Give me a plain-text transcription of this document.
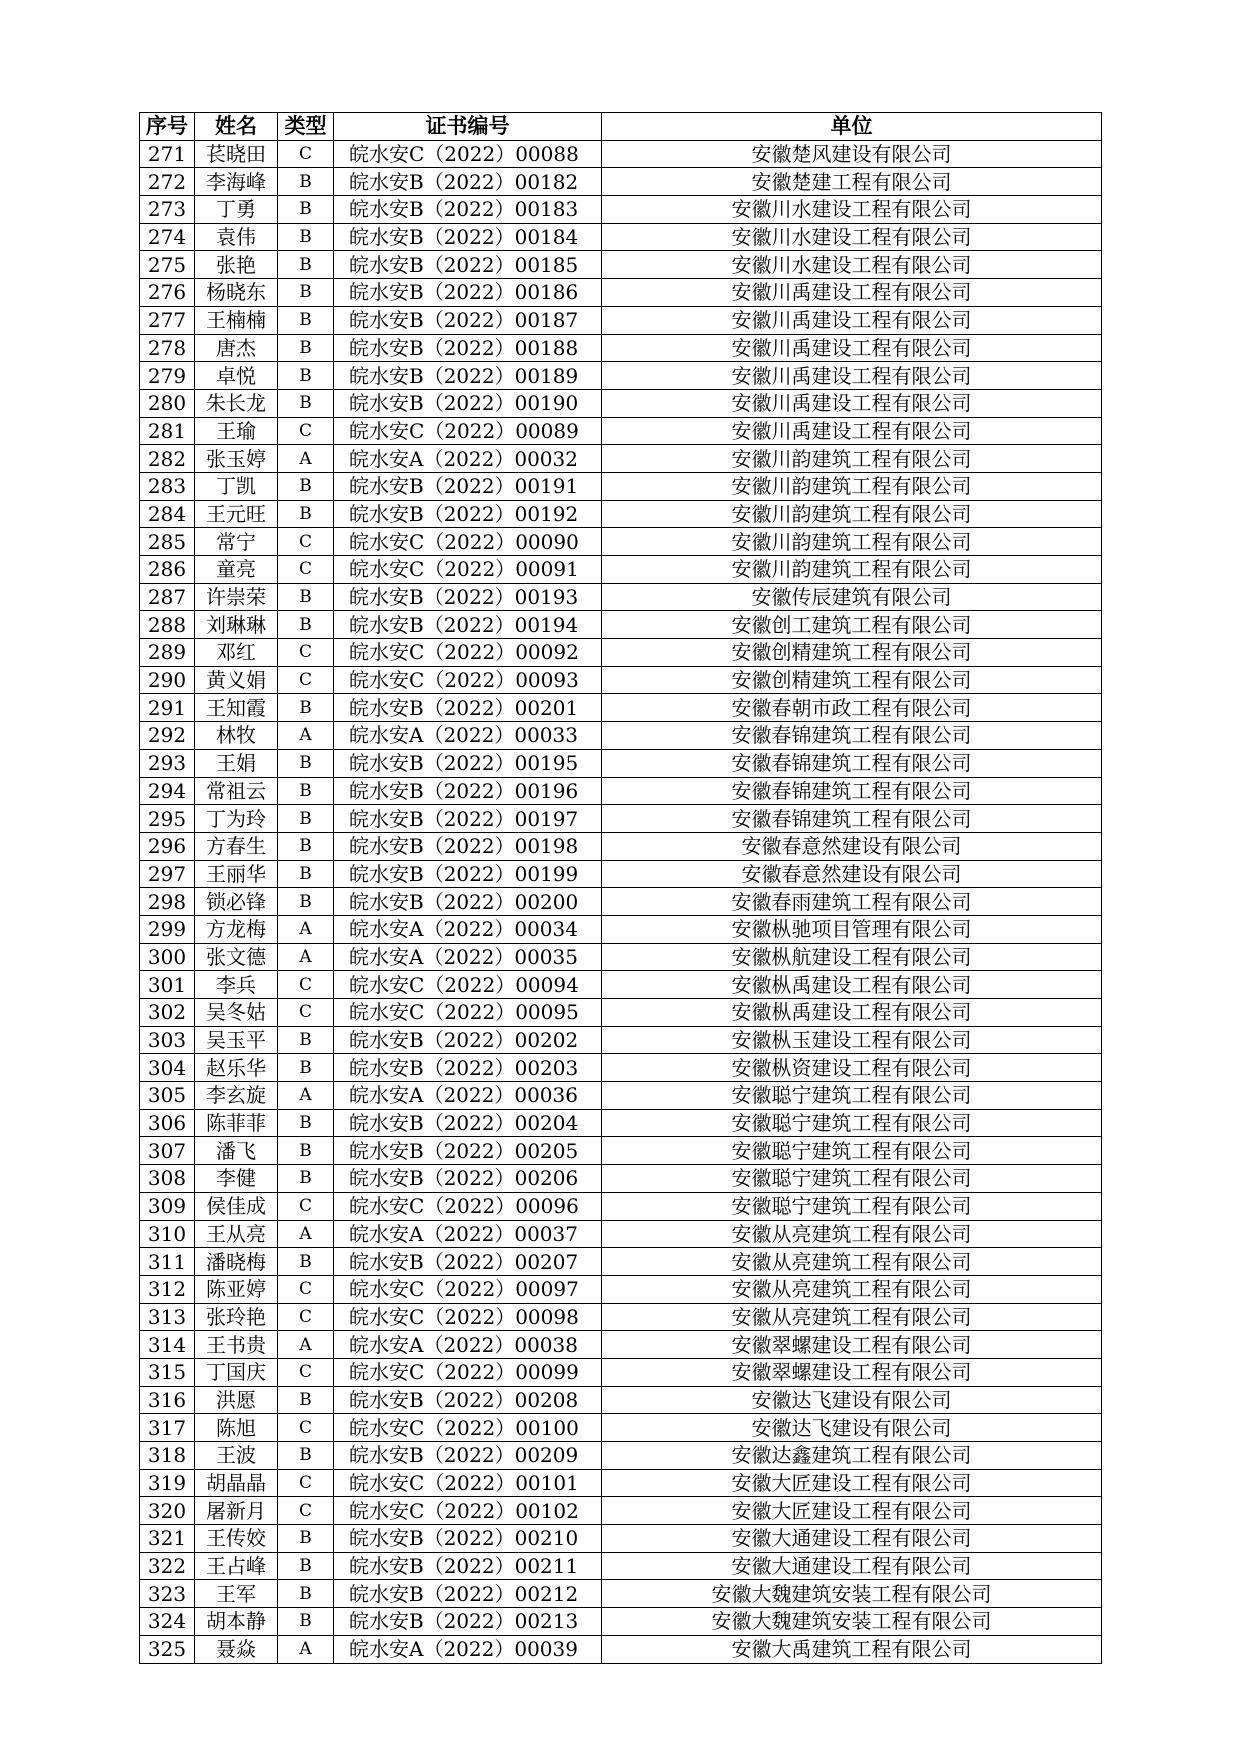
序号	姓名	类型	证书编号	单位
271	苌晓田	C	皖水安C（2022）00088	安徽楚风建设有限公司
272	李海峰	B	皖水安B（2022）00182	安徽楚建工程有限公司
273	丁勇	B	皖水安B（2022）00183	安徽川水建设工程有限公司
274	袁伟	B	皖水安B（2022）00184	安徽川水建设工程有限公司
275	张艳	B	皖水安B（2022）00185	安徽川水建设工程有限公司
276	杨晓东	B	皖水安B（2022）00186	安徽川禹建设工程有限公司
277	王楠楠	B	皖水安B（2022）00187	安徽川禹建设工程有限公司
278	唐杰	B	皖水安B（2022）00188	安徽川禹建设工程有限公司
279	卓悦	B	皖水安B（2022）00189	安徽川禹建设工程有限公司
280	朱长龙	B	皖水安B（2022）00190	安徽川禹建设工程有限公司
281	王瑜	C	皖水安C（2022）00089	安徽川禹建设工程有限公司
282	张玉婷	A	皖水安A（2022）00032	安徽川韵建筑工程有限公司
283	丁凯	B	皖水安B（2022）00191	安徽川韵建筑工程有限公司
284	王元旺	B	皖水安B（2022）00192	安徽川韵建筑工程有限公司
285	常宁	C	皖水安C（2022）00090	安徽川韵建筑工程有限公司
286	童亮	C	皖水安C（2022）00091	安徽川韵建筑工程有限公司
287	许崇荣	B	皖水安B（2022）00193	安徽传辰建筑有限公司
288	刘琳琳	B	皖水安B（2022）00194	安徽创工建筑工程有限公司
289	邓红	C	皖水安C（2022）00092	安徽创精建筑工程有限公司
290	黄义娟	C	皖水安C（2022）00093	安徽创精建筑工程有限公司
291	王知霞	B	皖水安B（2022）00201	安徽春朝市政工程有限公司
292	林牧	A	皖水安A（2022）00033	安徽春锦建筑工程有限公司
293	王娟	B	皖水安B（2022）00195	安徽春锦建筑工程有限公司
294	常祖云	B	皖水安B（2022）00196	安徽春锦建筑工程有限公司
295	丁为玲	B	皖水安B（2022）00197	安徽春锦建筑工程有限公司
296	方春生	B	皖水安B（2022）00198	安徽春意然建设有限公司
297	王丽华	B	皖水安B（2022）00199	安徽春意然建设有限公司
298	锁必锋	B	皖水安B（2022）00200	安徽春雨建筑工程有限公司
299	方龙梅	A	皖水安A（2022）00034	安徽枞驰项目管理有限公司
300	张文德	A	皖水安A（2022）00035	安徽枞航建设工程有限公司
301	李兵	C	皖水安C（2022）00094	安徽枞禹建设工程有限公司
302	吴冬姑	C	皖水安C（2022）00095	安徽枞禹建设工程有限公司
303	吴玉平	B	皖水安B（2022）00202	安徽枞玉建设工程有限公司
304	赵乐华	B	皖水安B（2022）00203	安徽枞资建设工程有限公司
305	李玄旋	A	皖水安A（2022）00036	安徽聪宁建筑工程有限公司
306	陈菲菲	B	皖水安B（2022）00204	安徽聪宁建筑工程有限公司
307	潘飞	B	皖水安B（2022）00205	安徽聪宁建筑工程有限公司
308	李健	B	皖水安B（2022）00206	安徽聪宁建筑工程有限公司
309	侯佳成	C	皖水安C（2022）00096	安徽聪宁建筑工程有限公司
310	王从亮	A	皖水安A（2022）00037	安徽从亮建筑工程有限公司
311	潘晓梅	B	皖水安B（2022）00207	安徽从亮建筑工程有限公司
312	陈亚婷	C	皖水安C（2022）00097	安徽从亮建筑工程有限公司
313	张玲艳	C	皖水安C（2022）00098	安徽从亮建筑工程有限公司
314	王书贵	A	皖水安A（2022）00038	安徽翠螺建设工程有限公司
315	丁国庆	C	皖水安C（2022）00099	安徽翠螺建设工程有限公司
316	洪愿	B	皖水安B（2022）00208	安徽达飞建设有限公司
317	陈旭	C	皖水安C（2022）00100	安徽达飞建设有限公司
318	王波	B	皖水安B（2022）00209	安徽达鑫建筑工程有限公司
319	胡晶晶	C	皖水安C（2022）00101	安徽大匠建设工程有限公司
320	屠新月	C	皖水安C（2022）00102	安徽大匠建设工程有限公司
321	王传姣	B	皖水安B（2022）00210	安徽大通建设工程有限公司
322	王占峰	B	皖水安B（2022）00211	安徽大通建设工程有限公司
323	王军	B	皖水安B（2022）00212	安徽大魏建筑安装工程有限公司
324	胡本静	B	皖水安B（2022）00213	安徽大魏建筑安装工程有限公司
325	聂焱	A	皖水安A（2022）00039	安徽大禹建筑工程有限公司
